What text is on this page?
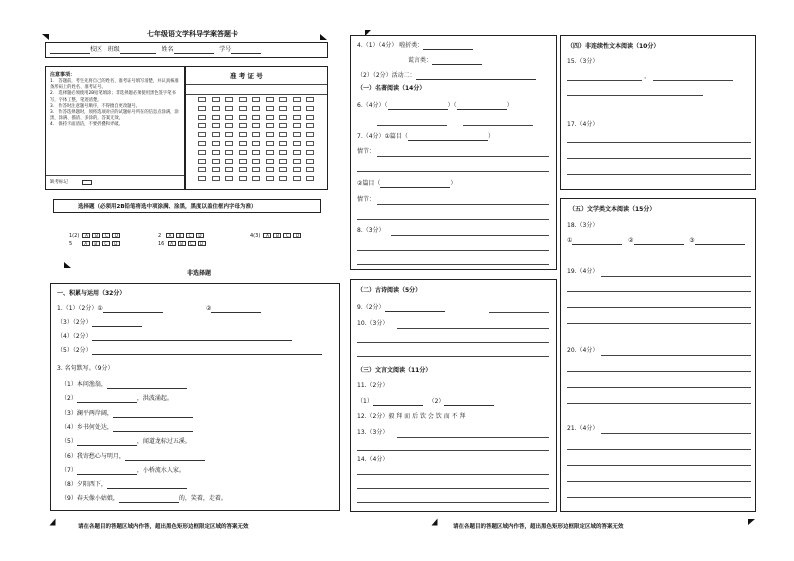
七年级语文学科导学案答题卡
校区 班级	姓名	学号
注意事项：
1.　答题前，考生先将自己的姓名、准考证号填写清楚，并认真核准条形码上的姓名、准考证号。
2.　选择题必须使用2B铅笔填涂；非选择题必须使用黑色签字笔书写，字体工整，笔迹清楚。
3.　作答时注意题号顺序，不得擅自更改题号。
3.　作答选择题时，须将选项对应的试题标号所在的信息点涂满，涂黑，涂满、描清、多涂的，答案无效。
4.　保持卡面清洁，不要折叠和弄破。
缺考标记
准 考 证 号
选择题（必须用2B铅笔将选中项涂满、涂黑，黑度以盖住框内字母为准）
1(2) A B C D	2 A B C D	4(3) A B C D
5	A B C D	16 A B C D
非选择题
一、积累与运用（32分）
1.（1）（2分）①	②
（3）（2分）
（4）（2分）
（5）（2分）
3. 名句默写。（9分）
（1）本问渔翁，
（2）	，洪波涌起。
（3）澜平两岸阔，
（4）乡书何处达，
（5）	，闻道龙标过五溪。
（6）我寄愁心与明月，
（7）	，小桥流水人家。
（8）夕阳西下，
（9）春天像小姑娘，	的，笑着，走着。
4.（1）（4分） 啦折类：
谎言类：
（2）（2分）活动二：
（一）名著阅读（14分）
6.（4分）（	）（	）
7.（4分）①篇目（	）
情节：
②篇目（	）
情节：
8.（3分）
（二）古诗阅读（5分）
9.（2分）
10.（3分）
（三）文言文阅读（11分）
11.（2分）
（1）	（2）
12.（2分）毅 拜 而 后 饮 会 饮 而 不 拜
13.（3分）
14.（4分）
（四）非连续性文本阅读（10分）
15.（3分）
、
17.（4分）
（五）文学类文本阅读（15分）
18.（3分）
①	②	③
19.（4分）
20.（4分）
21.（4分）
请在各题目的答题区域内作答，超出黑色矩形边框限定区域的答案无效	请在各题目的答题区域内作答，超出黑色矩形边框限定区域的答案无效
